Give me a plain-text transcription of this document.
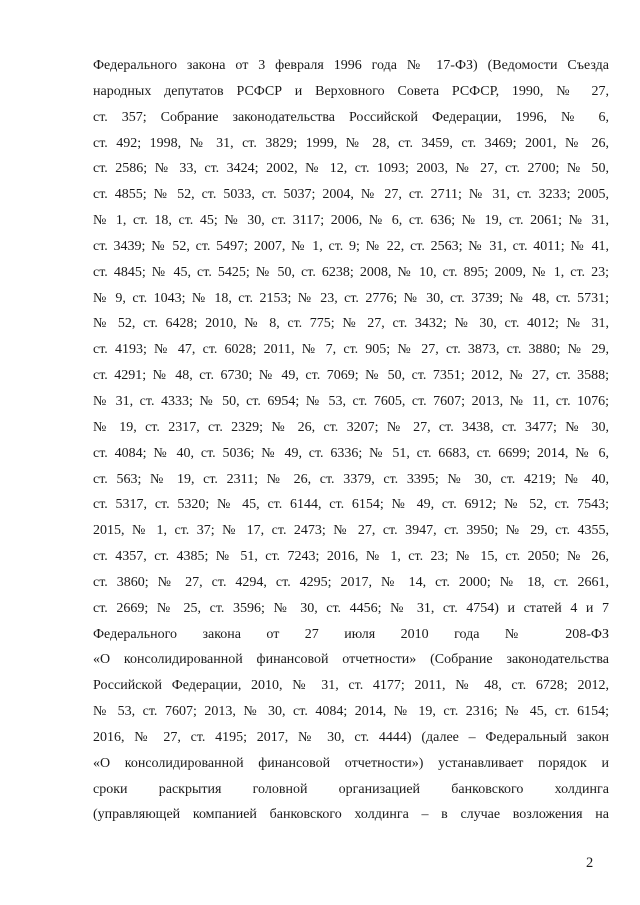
Федерального закона от 3 февраля 1996 года № 17-ФЗ) (Ведомости Съезда
народных депутатов РСФСР и Верховного Совета РСФСР, 1990, № 27,
ст. 357; Собрание законодательства Российской Федерации, 1996, № 6,
ст. 492; 1998, № 31, ст. 3829; 1999, № 28, ст. 3459, ст. 3469; 2001, № 26,
ст. 2586; № 33, ст. 3424; 2002, № 12, ст. 1093; 2003, № 27, ст. 2700; № 50,
ст. 4855; № 52, ст. 5033, ст. 5037; 2004, № 27, ст. 2711; № 31, ст. 3233; 2005,
№ 1, ст. 18, ст. 45; № 30, ст. 3117; 2006, № 6, ст. 636; № 19, ст. 2061; № 31,
ст. 3439; № 52, ст. 5497; 2007, № 1, ст. 9; № 22, ст. 2563; № 31, ст. 4011; № 41,
ст. 4845; № 45, ст. 5425; № 50, ст. 6238; 2008, № 10, ст. 895; 2009, № 1, ст. 23;
№ 9, ст. 1043; № 18, ст. 2153; № 23, ст. 2776; № 30, ст. 3739; № 48, ст. 5731;
№ 52, ст. 6428; 2010, № 8, ст. 775; № 27, ст. 3432; № 30, ст. 4012; № 31,
ст. 4193; № 47, ст. 6028; 2011, № 7, ст. 905; № 27, ст. 3873, ст. 3880; № 29,
ст. 4291; № 48, ст. 6730; № 49, ст. 7069; № 50, ст. 7351; 2012, № 27, ст. 3588;
№ 31, ст. 4333; № 50, ст. 6954; № 53, ст. 7605, ст. 7607; 2013, № 11, ст. 1076;
№ 19, ст. 2317, ст. 2329; № 26, ст. 3207; № 27, ст. 3438, ст. 3477; № 30,
ст. 4084; № 40, ст. 5036; № 49, ст. 6336; № 51, ст. 6683, ст. 6699; 2014, № 6,
ст. 563; № 19, ст. 2311; № 26, ст. 3379, ст. 3395; № 30, ст. 4219; № 40,
ст. 5317, ст. 5320; № 45, ст. 6144, ст. 6154; № 49, ст. 6912; № 52, ст. 7543;
2015, № 1, ст. 37; № 17, ст. 2473; № 27, ст. 3947, ст. 3950; № 29, ст. 4355,
ст. 4357, ст. 4385; № 51, ст. 7243; 2016, № 1, ст. 23; № 15, ст. 2050; № 26,
ст. 3860; № 27, ст. 4294, ст. 4295; 2017, № 14, ст. 2000; № 18, ст. 2661,
ст. 2669; № 25, ст. 3596; № 30, ст. 4456; № 31, ст. 4754) и статей 4 и 7
Федерального закона от 27 июля 2010 года № 208-ФЗ
«О консолидированной финансовой отчетности» (Собрание законодательства
Российской Федерации, 2010, № 31, ст. 4177; 2011, № 48, ст. 6728; 2012,
№ 53, ст. 7607; 2013, № 30, ст. 4084; 2014, № 19, ст. 2316; № 45, ст. 6154;
2016, № 27, ст. 4195; 2017, № 30, ст. 4444) (далее – Федеральный закон
«О консолидированной финансовой отчетности») устанавливает порядок и
сроки раскрытия головной организацией банковского холдинга
(управляющей компанией банковского холдинга – в случае возложения на
2
